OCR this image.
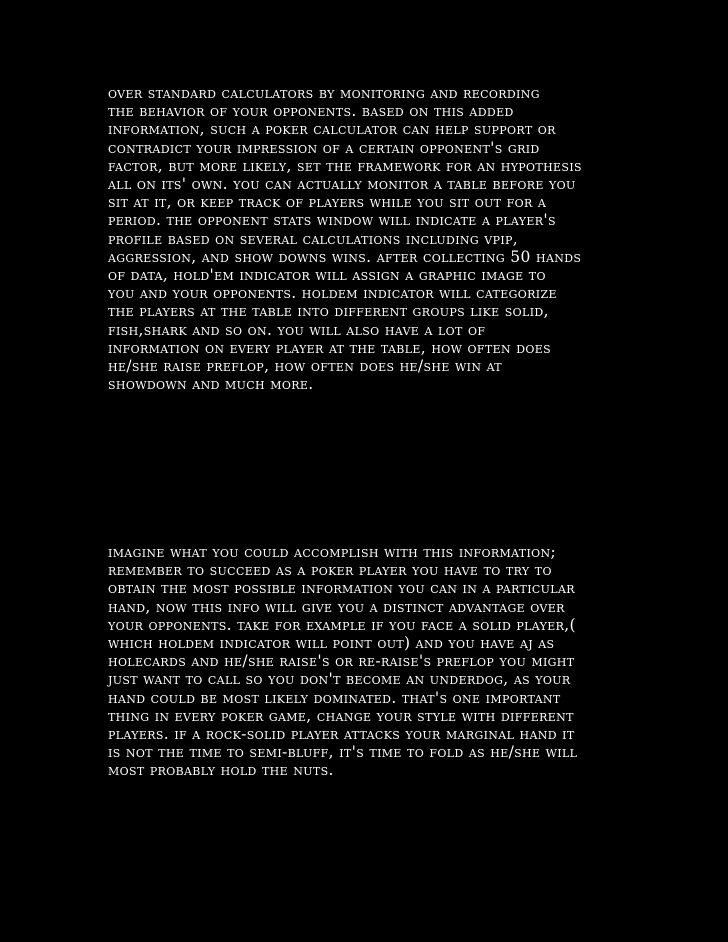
over standard calculators by monitoring and recording
the behavior of your opponents. based on this added
information, such a poker calculator can help support or
contradict your impression of a certain opponent's grid
factor, but more likely, set the framework for an hypothesis
all on its' own. you can actually monitor a table before you
sit at it, or keep track of players while you sit out for a
period. the opponent stats window will indicate a player's
profile based on several calculations including vpip,
aggression, and show downs wins. after collecting 50 hands
of data, hold'em indicator will assign a graphic image to
you and your opponents. holdem indicator will categorize
the players at the table into different groups like solid,
fish,shark and so on. you will also have a lot of
information on every player at the table, how often does
he/she raise preflop, how often does he/she win at
showdown and much more.

imagine what you could accomplish with this information;
remember to succeed as a poker player you have to try to
obtain the most possible information you can in a particular
hand, now this info will give you a distinct advantage over
your opponents. take for example if you face a solid player,(
which holdem indicator will point out) and you have aj as
holecards and he/she raise's or re-raise's preflop you might
just want to call so you don't become an underdog, as your
hand could be most likely dominated. that's one important
thing in every poker game, change your style with different
players. if a rock-solid player attacks your marginal hand it
is not the time to semi-bluff, it's time to fold as he/she will
most probably hold the nuts.
